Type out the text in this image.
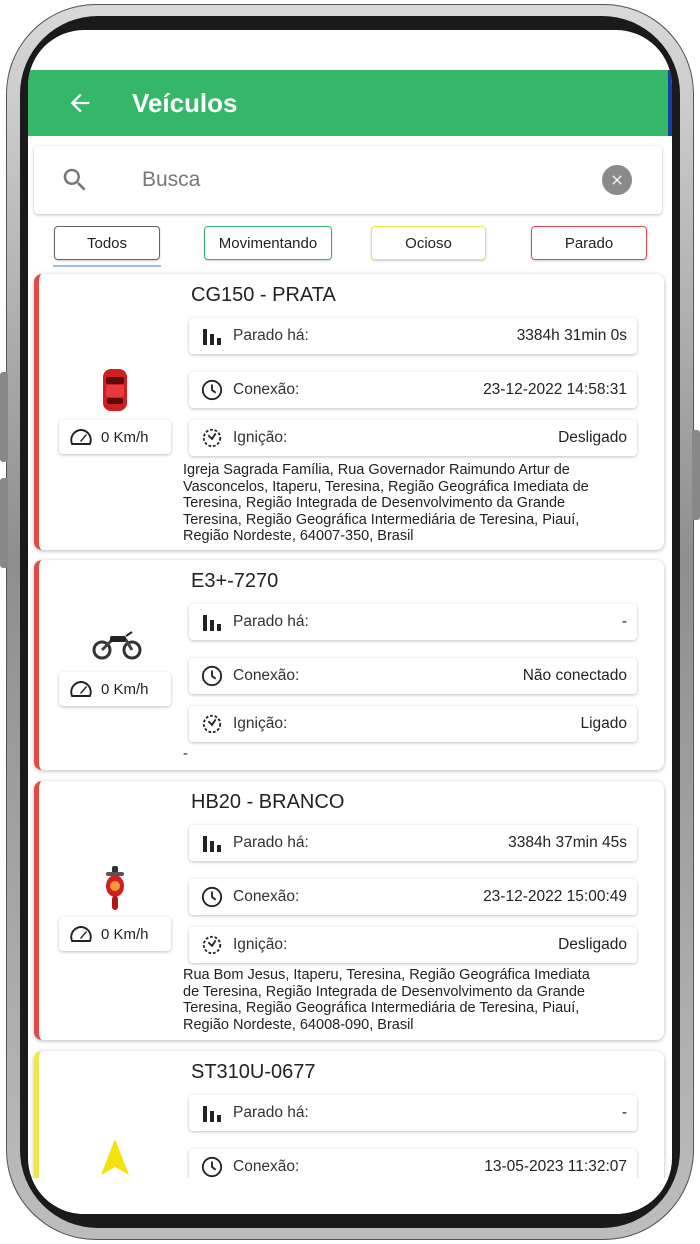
Veículos
Busca
Todos	Movimentando	Ocioso	Parado
0 Km/h
CG150 - PRATA
Parado há:	3384h 31min 0s
Conexão:	23-12-2022 14:58:31
Ignição:	Desligado
Igreja Sagrada Família, Rua Governador Raimundo Artur de
Vasconcelos, Itaperu, Teresina, Região Geográfica Imediata de
Teresina, Região Integrada de Desenvolvimento da Grande
Teresina, Região Geográfica Intermediária de Teresina, Piauí,
Região Nordeste, 64007-350, Brasil
0 Km/h
E3+-7270
Parado há:	-
Conexão:	Não conectado
Ignição:	Ligado
-
0 Km/h
HB20 - BRANCO
Parado há:	3384h 37min 45s
Conexão:	23-12-2022 15:00:49
Ignição:	Desligado
Rua Bom Jesus, Itaperu, Teresina, Região Geográfica Imediata
de Teresina, Região Integrada de Desenvolvimento da Grande
Teresina, Região Geográfica Intermediária de Teresina, Piauí,
Região Nordeste, 64008-090, Brasil
ST310U-0677
Parado há:	-
Conexão:	13-05-2023 11:32:07
